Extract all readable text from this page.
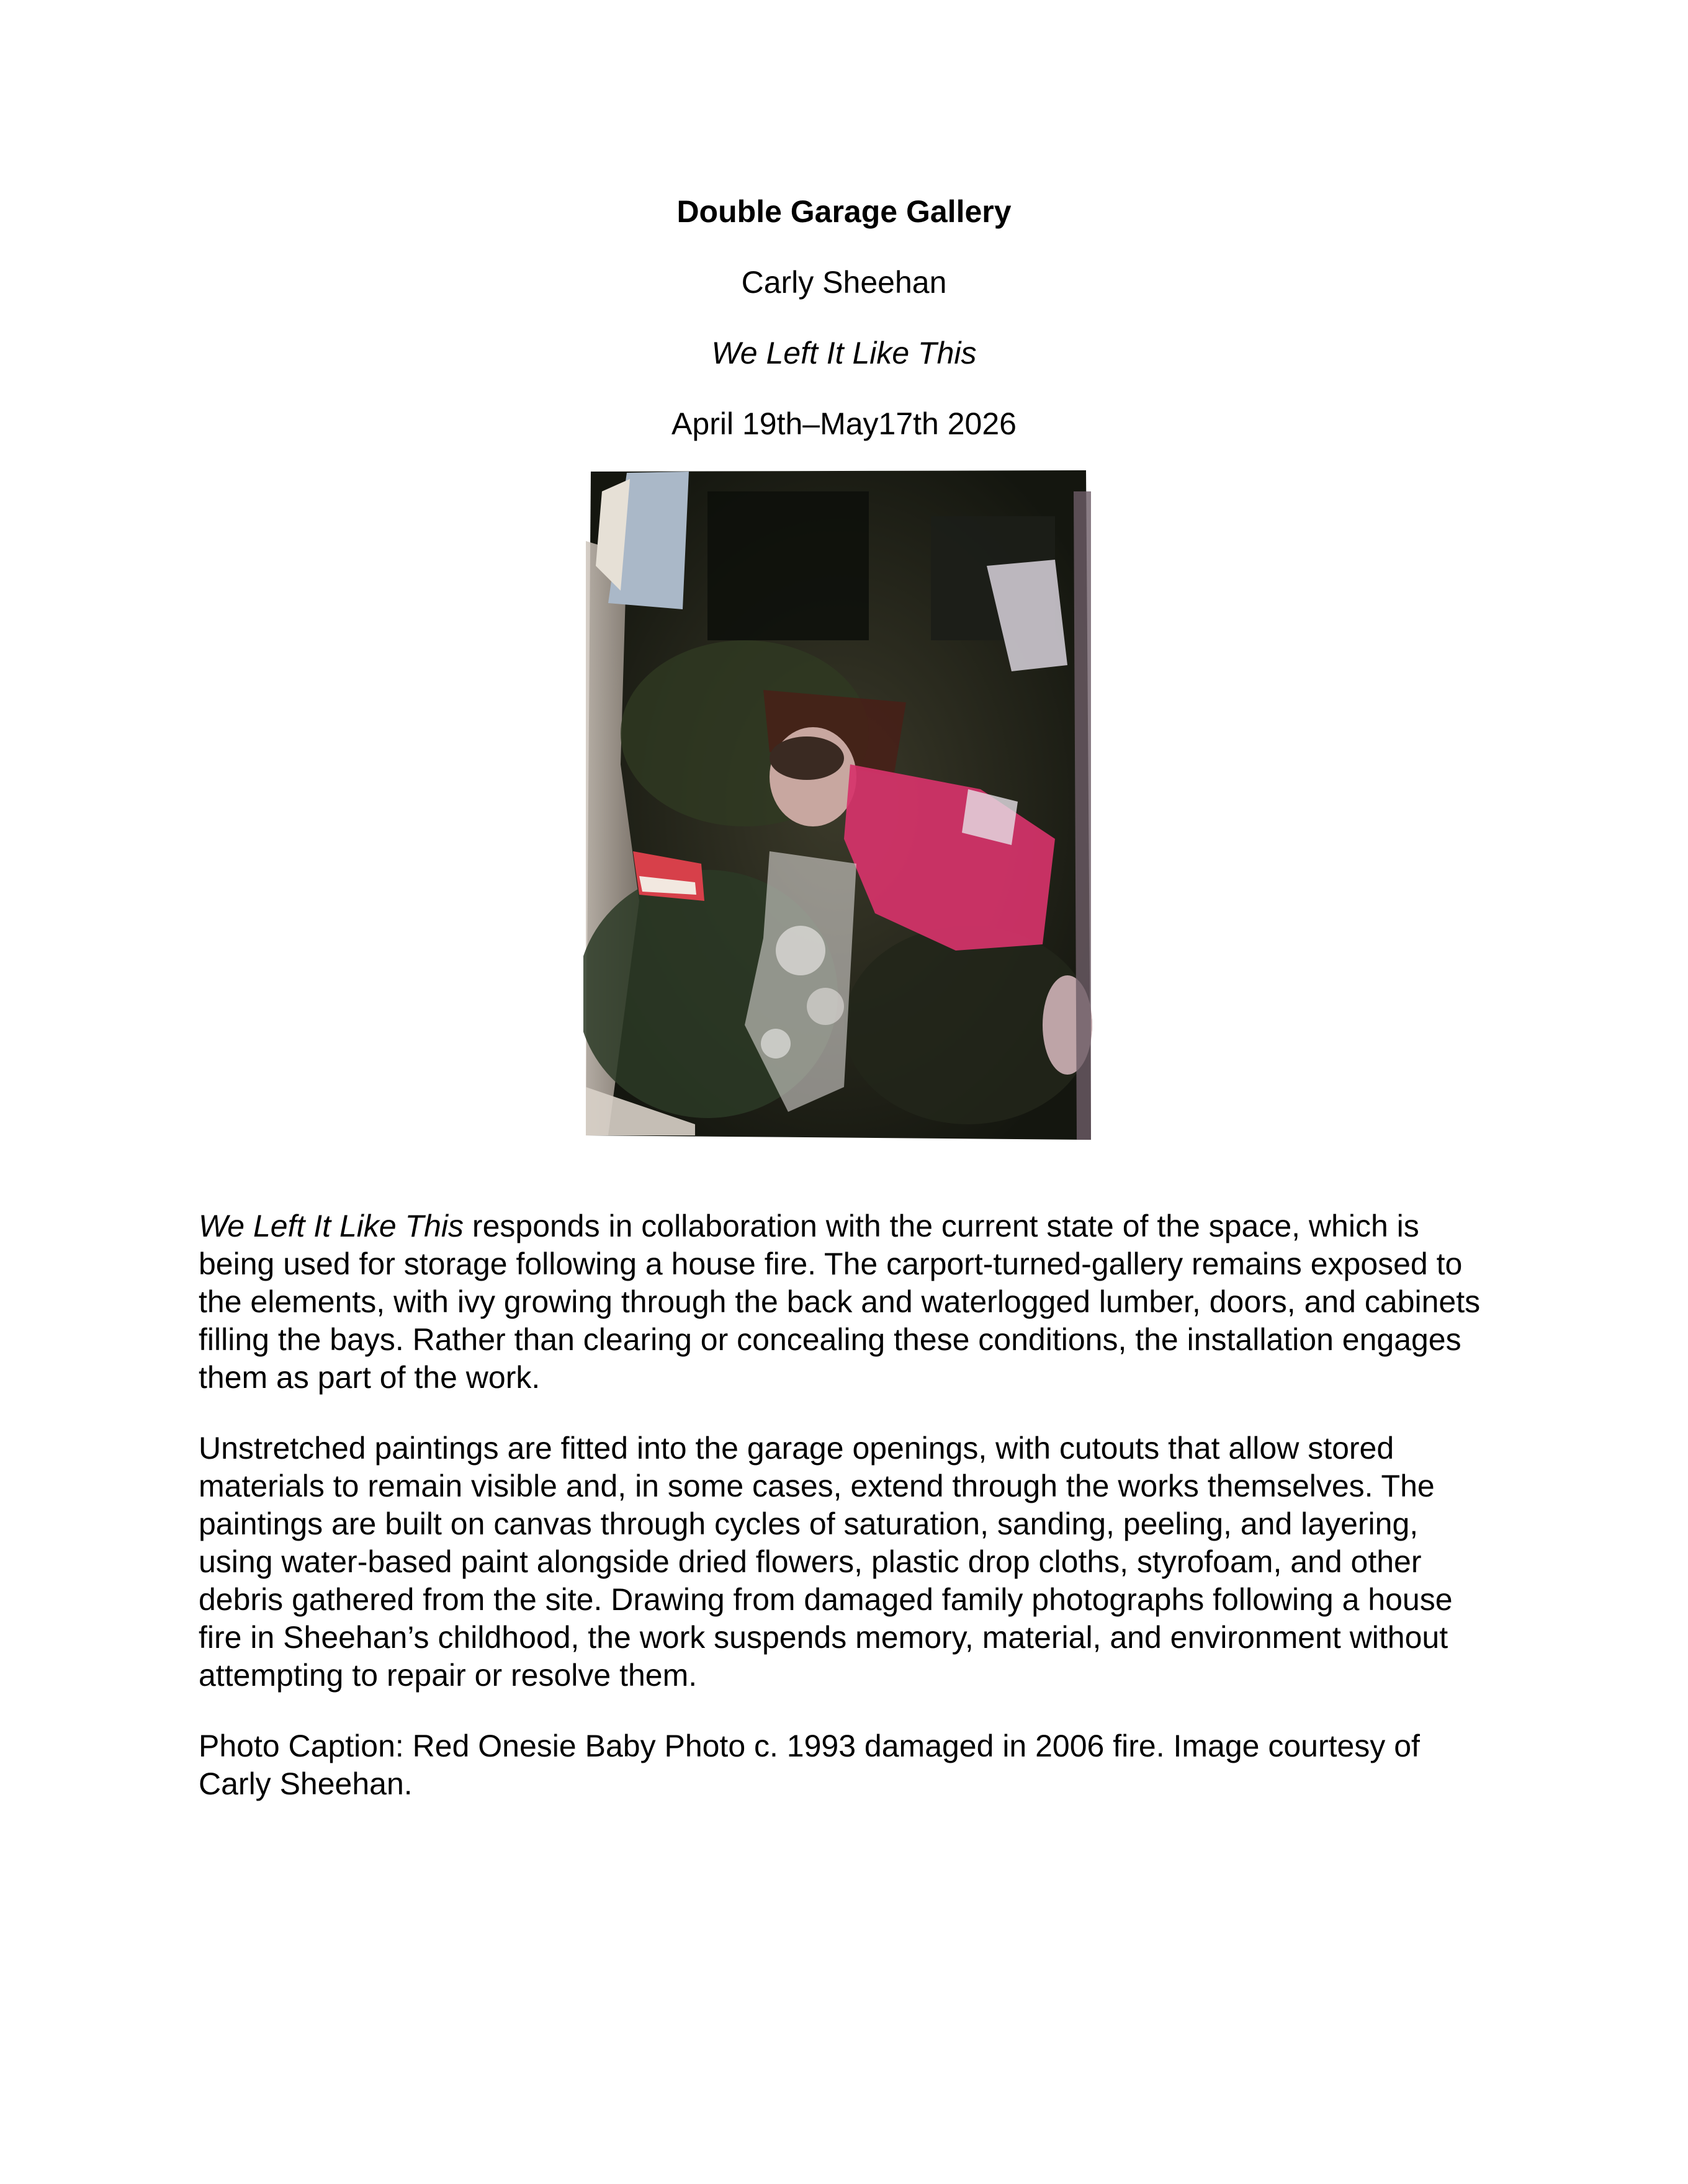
Double Garage Gallery
Carly Sheehan
We Left It Like This
April 19th–May17th 2026

We Left It Like This responds in collaboration with the current state of the space, which is being used for storage following a house fire. The carport-turned-gallery remains exposed to the elements, with ivy growing through the back and waterlogged lumber, doors, and cabinets filling the bays. Rather than clearing or concealing these conditions, the installation engages them as part of the work.

Unstretched paintings are fitted into the garage openings, with cutouts that allow stored materials to remain visible and, in some cases, extend through the works themselves. The paintings are built on canvas through cycles of saturation, sanding, peeling, and layering, using water-based paint alongside dried flowers, plastic drop cloths, styrofoam, and other debris gathered from the site. Drawing from damaged family photographs following a house fire in Sheehan’s childhood, the work suspends memory, material, and environment without attempting to repair or resolve them.

Photo Caption: Red Onesie Baby Photo c. 1993 damaged in 2006 fire. Image courtesy of Carly Sheehan.
